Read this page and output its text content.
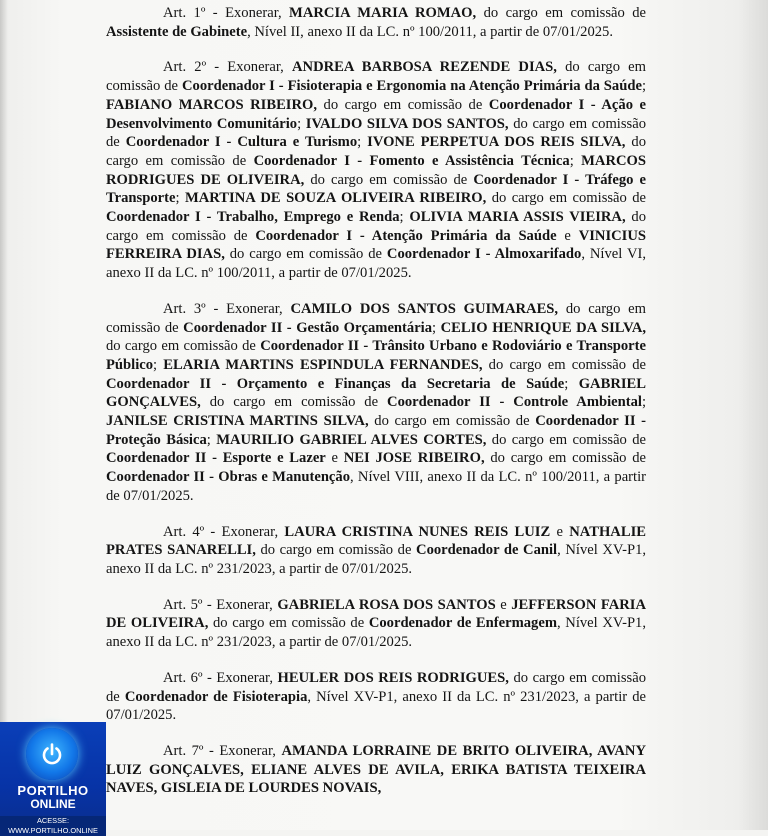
Art. 1º - Exonerar, MARCIA MARIA ROMAO, do cargo em comissão de Assistente de Gabinete, Nível II, anexo II da LC. nº 100/2011, a partir de 07/01/2025.

Art. 2º - Exonerar, ANDREA BARBOSA REZENDE DIAS, do cargo em comissão de Coordenador I - Fisioterapia e Ergonomia na Atenção Primária da Saúde; FABIANO MARCOS RIBEIRO, do cargo em comissão de Coordenador I - Ação e Desenvolvimento Comunitário; IVALDO SILVA DOS SANTOS, do cargo em comissão de Coordenador I - Cultura e Turismo; IVONE PERPETUA DOS REIS SILVA, do cargo em comissão de Coordenador I - Fomento e Assistência Técnica; MARCOS RODRIGUES DE OLIVEIRA, do cargo em comissão de Coordenador I - Tráfego e Transporte; MARTINA DE SOUZA OLIVEIRA RIBEIRO, do cargo em comissão de Coordenador I - Trabalho, Emprego e Renda; OLIVIA MARIA ASSIS VIEIRA, do cargo em comissão de Coordenador I - Atenção Primária da Saúde e VINICIUS FERREIRA DIAS, do cargo em comissão de Coordenador I - Almoxarifado, Nível VI, anexo II da LC. nº 100/2011, a partir de 07/01/2025.

Art. 3º - Exonerar, CAMILO DOS SANTOS GUIMARAES, do cargo em comissão de Coordenador II - Gestão Orçamentária; CELIO HENRIQUE DA SILVA, do cargo em comissão de Coordenador II - Trânsito Urbano e Rodoviário e Transporte Público; ELARIA MARTINS ESPINDULA FERNANDES, do cargo em comissão de Coordenador II - Orçamento e Finanças da Secretaria de Saúde; GABRIEL GONÇALVES, do cargo em comissão de Coordenador II - Controle Ambiental; JANILSE CRISTINA MARTINS SILVA, do cargo em comissão de Coordenador II - Proteção Básica; MAURILIO GABRIEL ALVES CORTES, do cargo em comissão de Coordenador II - Esporte e Lazer e NEI JOSE RIBEIRO, do cargo em comissão de Coordenador II - Obras e Manutenção, Nível VIII, anexo II da LC. nº 100/2011, a partir de 07/01/2025.

Art. 4º - Exonerar, LAURA CRISTINA NUNES REIS LUIZ e NATHALIE PRATES SANARELLI, do cargo em comissão de Coordenador de Canil, Nível XV-P1, anexo II da LC. nº 231/2023, a partir de 07/01/2025.

Art. 5º - Exonerar, GABRIELA ROSA DOS SANTOS e JEFFERSON FARIA DE OLIVEIRA, do cargo em comissão de Coordenador de Enfermagem, Nível XV-P1, anexo II da LC. nº 231/2023, a partir de 07/01/2025.

Art. 6º - Exonerar, HEULER DOS REIS RODRIGUES, do cargo em comissão de Coordenador de Fisioterapia, Nível XV-P1, anexo II da LC. nº 231/2023, a partir de 07/01/2025.

Art. 7º - Exonerar, AMANDA LORRAINE DE BRITO OLIVEIRA, AVANY LUIZ GONÇALVES, ELIANE ALVES DE AVILA, ERIKA BATISTA TEIXEIRA NAVES, GISLEIA DE LOURDES NOVAIS,

PORTILHO
ONLINE
ACESSE: WWW.PORTILHO.ONLINE
